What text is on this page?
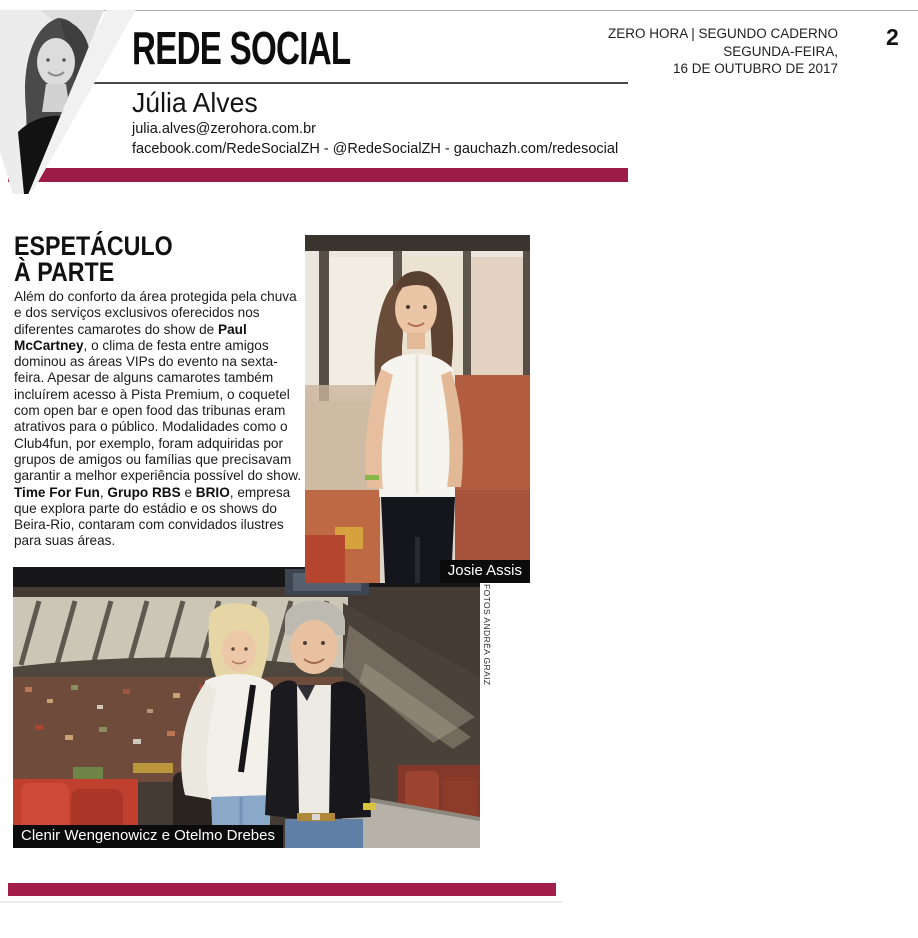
REDE SOCIAL
Júlia Alves
julia.alves@zerohora.com.br
facebook.com/RedeSocialZH - @RedeSocialZH - gauchazh.com/redesocial
ZERO HORA | SEGUNDO CADERNO
SEGUNDA-FEIRA,
16 DE OUTUBRO DE 2017
2
ESPETÁCULO
À PARTE

Além do conforto da área protegida pela chuva e dos serviços exclusivos oferecidos nos diferentes camarotes do show de Paul McCartney, o clima de festa entre amigos dominou as áreas VIPs do evento na sexta-feira. Apesar de alguns camarotes também incluírem acesso à Pista Premium, o coquetel com open bar e open food das tribunas eram atrativos para o público. Modalidades como o Club4fun, por exemplo, foram adquiridas por grupos de amigos ou famílias que precisavam garantir a melhor experiência possível do show. Time For Fun, Grupo RBS e BRIO, empresa que explora parte do estádio e os shows do Beira-Rio, contaram com convidados ilustres para suas áreas.

Clenir Wengenowicz e Otelmo Drebes
Josie Assis
FOTOS ANDRÉA GRAIZ
